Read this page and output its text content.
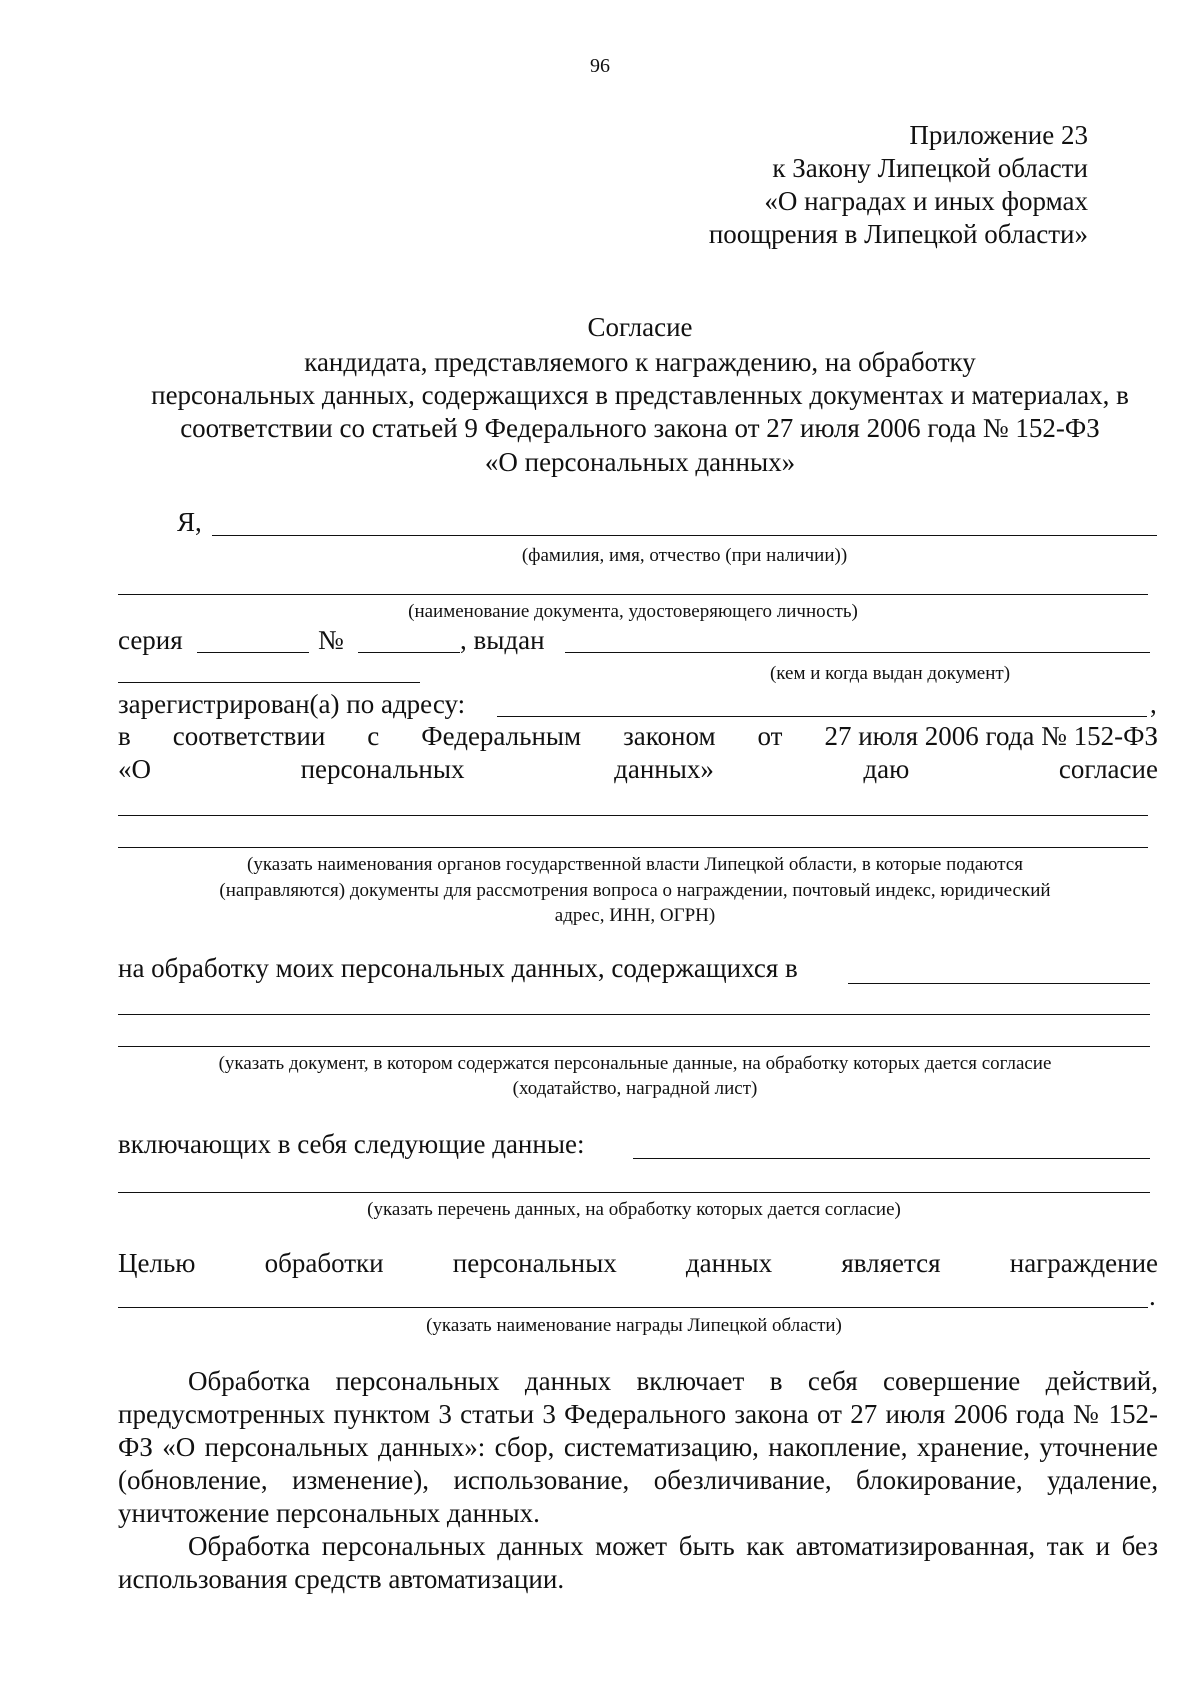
96
Приложение 23
к Закону Липецкой области
«О наградах и иных формах
поощрения в Липецкой области»
Согласие
кандидата, представляемого к награждению, на обработку
персональных данных, содержащихся в представленных документах и материалах, в
соответствии со статьей 9 Федерального закона от 27 июля 2006 года № 152-ФЗ
«О персональных данных»
Я,
(фамилия, имя, отчество (при наличии))
(наименование документа, удостоверяющего личность)
серия	№	, выдан
(кем и когда выдан документ)
зарегистрирован(а) по адресу:	,
в соответствии с Федеральным законом от 27 июля 2006 года № 152-ФЗ
«О	персональных	данных»	даю	согласие
(указать наименования органов государственной власти Липецкой области, в которые подаются
(направляются) документы для рассмотрения вопроса о награждении, почтовый индекс, юридический
адрес, ИНН, ОГРН)
на обработку моих персональных данных, содержащихся в
(указать документ, в котором содержатся персональные данные, на обработку которых дается согласие
(ходатайство, наградной лист)
включающих в себя следующие данные:
(указать перечень данных, на обработку которых дается согласие)
Целью	обработки	персональных	данных	является	награждение
.
(указать наименование награды Липецкой области)

Обработка персональных данных включает в себя совершение действий, предусмотренных пунктом 3 статьи 3 Федерального закона от 27 июля 2006 года № 152-ФЗ «О персональных данных»: сбор, систематизацию, накопление, хранение, уточнение (обновление, изменение), использование, обезличивание, блокирование, удаление, уничтожение персональных данных.

Обработка персональных данных может быть как автоматизированная, так и без использования средств автоматизации.
